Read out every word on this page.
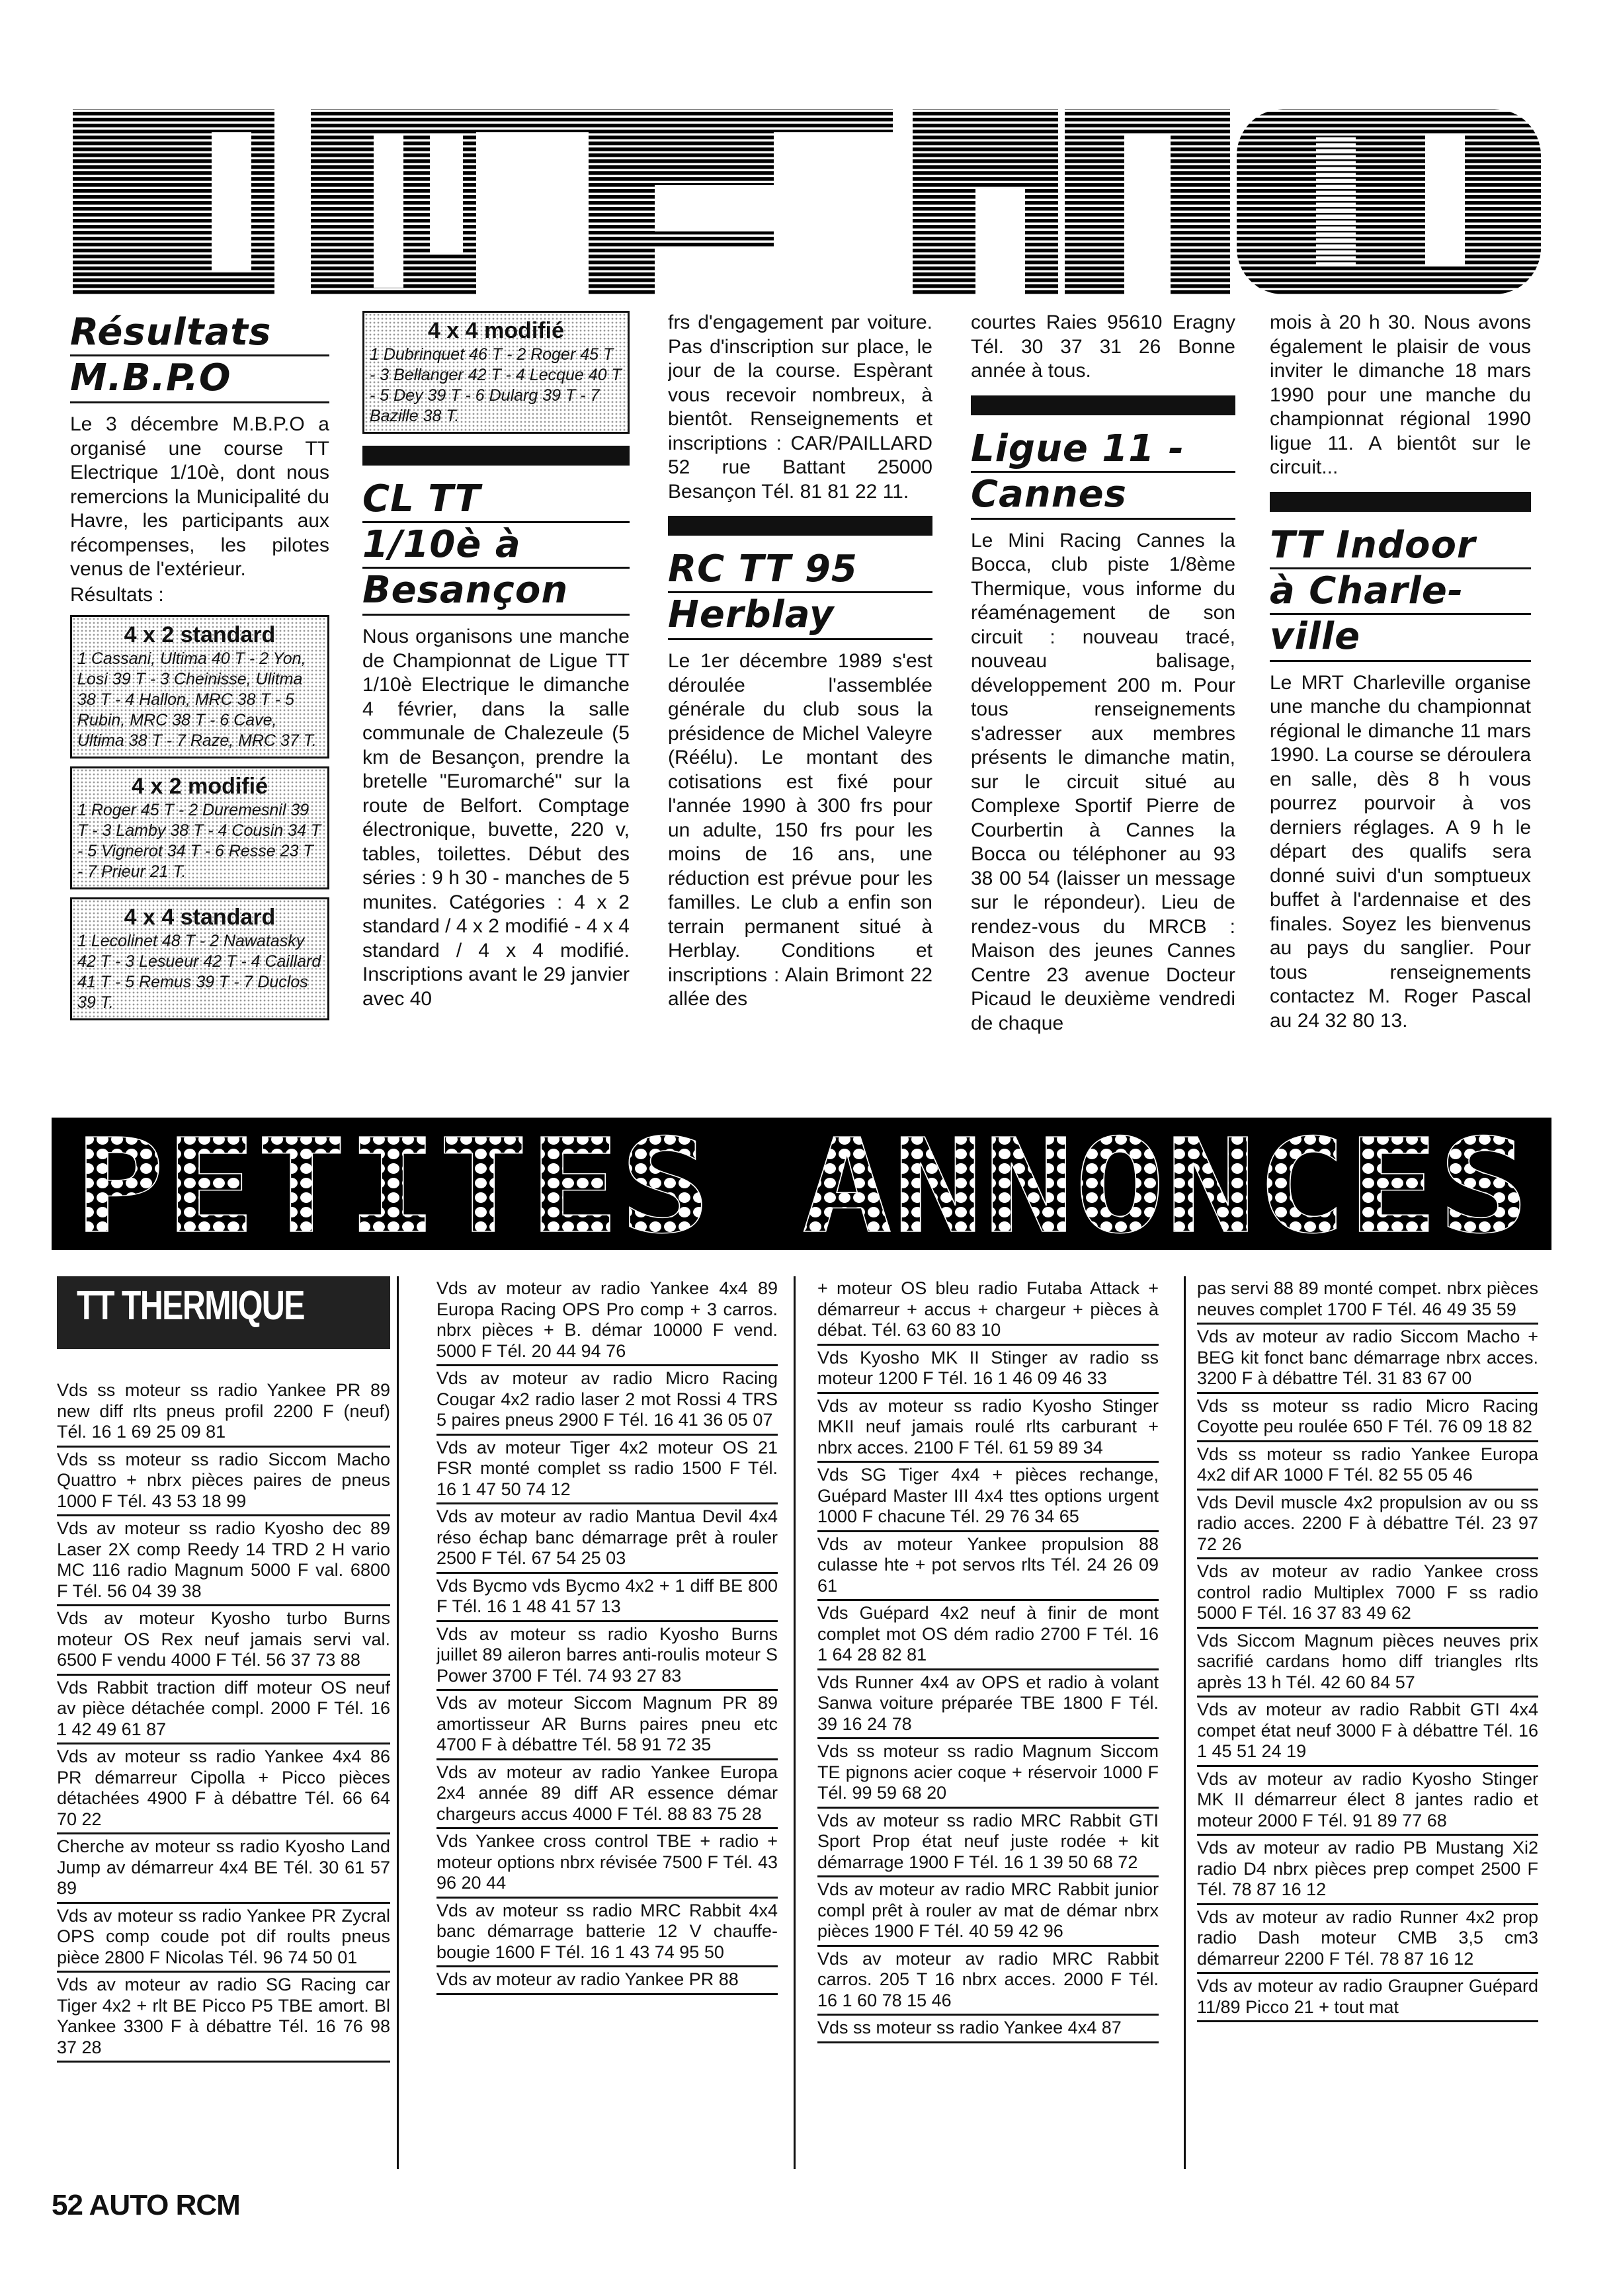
Résultats
M.B.P.O

Le 3 décembre M.B.P.O a organisé une course TT Electrique 1/10è, dont nous remercions la Municipalité du Havre, les participants aux récompenses, les pilotes venus de l'extérieur.

Résultats :

4 x 2 standard
1 Cassani, Ultima 40 T - 2 Yon, Losi 39 T - 3 Cheinisse, Ulitma 38 T - 4 Hallon, MRC 38 T - 5 Rubin, MRC 38 T - 6 Cave, Ultima 38 T - 7 Raze, MRC 37 T.
4 x 2 modifié
1 Roger 45 T - 2 Duremesnil 39 T - 3 Lamby 38 T - 4 Cousin 34 T - 5 Vignerot 34 T - 6 Resse 23 T - 7 Prieur 21 T.
4 x 4 standard
1 Lecolinet 48 T - 2 Nawatasky 42 T - 3 Lesueur 42 T - 4 Caillard 41 T - 5 Remus 39 T - 7 Duclos 39 T.
4 x 4 modifié
1 Dubrinquet 46 T - 2 Roger 45 T - 3 Bellanger 42 T - 4 Lecque 40 T - 5 Dey 39 T - 6 Dularg 39 T - 7 Bazille 38 T.
CL TT
1/10è à
Besançon

Nous organisons une manche de Championnat de Ligue TT 1/10è Electrique le dimanche 4 février, dans la salle communale de Chalezeule (5 km de Besançon, prendre la bretelle "Euromarché" sur la route de Belfort. Comptage électronique, buvette, 220 v, tables, toilettes. Début des séries : 9 h 30 - manches de 5 munites. Catégories : 4 x 2 standard / 4 x 2 modifié - 4 x 4 standard / 4 x 4 modifié. Inscriptions avant le 29 janvier avec 40

frs d'engagement par voiture. Pas d'inscription sur place, le jour de la course. Espèrant vous recevoir nombreux, à bientôt. Renseignements et inscriptions : CAR/PAILLARD 52 rue Battant 25000 Besançon Tél. 81 81 22 11.

RC TT 95
Herblay

Le 1er décembre 1989 s'est déroulée l'assemblée générale du club sous la présidence de Michel Valeyre (Réélu). Le montant des cotisations est fixé pour l'année 1990 à 300 frs pour un adulte, 150 frs pour les moins de 16 ans, une réduction est prévue pour les familles. Le club a enfin son terrain permanent situé à Herblay. Conditions et inscriptions : Alain Brimont 22 allée des

courtes Raies 95610 Eragny Tél. 30 37 31 26 Bonne année à tous.

Ligue 11 -
Cannes

Le Mini Racing Cannes la Bocca, club piste 1/8ème Thermique, vous informe du réaménagement de son circuit : nouveau tracé, nouveau balisage, développement 200 m. Pour tous renseignements s'adresser aux membres présents le dimanche matin, sur le circuit situé au Complexe Sportif Pierre de Courbertin à Cannes la Bocca ou téléphoner au 93 38 00 54 (laisser un message sur le répondeur). Lieu de rendez-vous du MRCB : Maison des jeunes Cannes Centre 23 avenue Docteur Picaud le deuxième vendredi de chaque

mois à 20 h 30. Nous avons également le plaisir de vous inviter le dimanche 18 mars 1990 pour une manche du championnat régional 1990 ligue 11. A bientôt sur le circuit...

TT Indoor
à Charle-
ville

Le MRT Charleville organise une manche du championnat régional le dimanche 11 mars 1990. La course se déroulera en salle, dès 8 h vous pourrez pourvoir à vos derniers réglages. A 9 h le départ des qualifs sera donné suivi d'un somptueux buffet à l'ardennaise et des finales. Soyez les bienvenus au pays du sanglier. Pour tous renseignements contactez M. Roger Pascal au 24 32 80 13.

PETITES ANNONCES
TT THERMIQUE
Vds ss moteur ss radio Yankee PR 89 new diff rlts pneus profil 2200 F (neuf) Tél. 16 1 69 25 09 81
Vds ss moteur ss radio Siccom Macho Quattro + nbrx pièces paires de pneus 1000 F Tél. 43 53 18 99
Vds av moteur ss radio Kyosho dec 89 Laser 2X comp Reedy 14 TRD 2 H vario MC 116 radio Magnum 5000 F val. 6800 F Tél. 56 04 39 38
Vds av moteur Kyosho turbo Burns moteur OS Rex neuf jamais servi val. 6500 F vendu 4000 F Tél. 56 37 73 88
Vds Rabbit traction diff moteur OS neuf av pièce détachée compl. 2000 F Tél. 16 1 42 49 61 87
Vds av moteur ss radio Yankee 4x4 86 PR démarreur Cipolla + Picco pièces détachées 4900 F à débattre Tél. 66 64 70 22
Cherche av moteur ss radio Kyosho Land Jump av démarreur 4x4 BE Tél. 30 61 57 89
Vds av moteur ss radio Yankee PR Zycral OPS comp coude pot dif roults pneus pièce 2800 F Nicolas Tél. 96 74 50 01
Vds av moteur av radio SG Racing car Tiger 4x2 + rlt BE Picco P5 TBE amort. Bl Yankee 3300 F à débattre Tél. 16 76 98 37 28
Vds av moteur av radio Yankee 4x4 89 Europa Racing OPS Pro comp + 3 carros. nbrx pièces + B. démar 10000 F vend. 5000 F Tél. 20 44 94 76
Vds av moteur av radio Micro Racing Cougar 4x2 radio laser 2 mot Rossi 4 TRS 5 paires pneus 2900 F Tél. 16 41 36 05 07
Vds av moteur Tiger 4x2 moteur OS 21 FSR monté complet ss radio 1500 F Tél. 16 1 47 50 74 12
Vds av moteur av radio Mantua Devil 4x4 réso échap banc démarrage prêt à rouler 2500 F Tél. 67 54 25 03
Vds Bycmo vds Bycmo 4x2 + 1 diff BE 800 F Tél. 16 1 48 41 57 13
Vds av moteur ss radio Kyosho Burns juillet 89 aileron barres anti-roulis moteur S Power 3700 F Tél. 74 93 27 83
Vds av moteur Siccom Magnum PR 89 amortisseur AR Burns paires pneu etc 4700 F à débattre Tél. 58 91 72 35
Vds av moteur av radio Yankee Europa 2x4 année 89 diff AR essence démar chargeurs accus 4000 F Tél. 88 83 75 28
Vds Yankee cross control TBE + radio + moteur options nbrx révisée 7500 F Tél. 43 96 20 44
Vds av moteur ss radio MRC Rabbit 4x4 banc démarrage batterie 12 V chauffe-bougie 1600 F Tél. 16 1 43 74 95 50
Vds av moteur av radio Yankee PR 88
+ moteur OS bleu radio Futaba Attack + démarreur + accus + chargeur + pièces à débat. Tél. 63 60 83 10
Vds Kyosho MK II Stinger av radio ss moteur 1200 F Tél. 16 1 46 09 46 33
Vds av moteur ss radio Kyosho Stinger MKII neuf jamais roulé rlts carburant + nbrx acces. 2100 F Tél. 61 59 89 34
Vds SG Tiger 4x4 + pièces rechange, Guépard Master III 4x4 ttes options urgent 1000 F chacune Tél. 29 76 34 65
Vds av moteur Yankee propulsion 88 culasse hte + pot servos rlts Tél. 24 26 09 61
Vds Guépard 4x2 neuf à finir de mont complet mot OS dém radio 2700 F Tél. 16 1 64 28 82 81
Vds Runner 4x4 av OPS et radio à volant Sanwa voiture préparée TBE 1800 F Tél. 39 16 24 78
Vds ss moteur ss radio Magnum Siccom TE pignons acier coque + réservoir 1000 F Tél. 99 59 68 20
Vds av moteur ss radio MRC Rabbit GTI Sport Prop état neuf juste rodée + kit démarrage 1900 F Tél. 16 1 39 50 68 72
Vds av moteur av radio MRC Rabbit junior compl prêt à rouler av mat de démar nbrx pièces 1900 F Tél. 40 59 42 96
Vds av moteur av radio MRC Rabbit carros. 205 T 16 nbrx acces. 2000 F Tél. 16 1 60 78 15 46
Vds ss moteur ss radio Yankee 4x4 87
pas servi 88 89 monté compet. nbrx pièces neuves complet 1700 F Tél. 46 49 35 59
Vds av moteur av radio Siccom Macho + BEG kit fonct banc démarrage nbrx acces. 3200 F à débattre Tél. 31 83 67 00
Vds ss moteur ss radio Micro Racing Coyotte peu roulée 650 F Tél. 76 09 18 82
Vds ss moteur ss radio Yankee Europa 4x2 dif AR 1000 F Tél. 82 55 05 46
Vds Devil muscle 4x2 propulsion av ou ss radio acces. 2200 F à débattre Tél. 23 97 72 26
Vds av moteur av radio Yankee cross control radio Multiplex 7000 F ss radio 5000 F Tél. 16 37 83 49 62
Vds Siccom Magnum pièces neuves prix sacrifié cardans homo diff triangles rlts après 13 h Tél. 42 60 84 57
Vds av moteur av radio Rabbit GTI 4x4 compet état neuf 3000 F à débattre Tél. 16 1 45 51 24 19
Vds av moteur av radio Kyosho Stinger MK II démarreur élect 8 jantes radio et moteur 2000 F Tél. 91 89 77 68
Vds av moteur av radio PB Mustang Xi2 radio D4 nbrx pièces prep compet 2500 F Tél. 78 87 16 12
Vds av moteur av radio Runner 4x2 prop radio Dash moteur CMB 3,5 cm3 démarreur 2200 F Tél. 78 87 16 12
Vds av moteur av radio Graupner Guépard 11/89 Picco 21 + tout mat
52 AUTO RCM
